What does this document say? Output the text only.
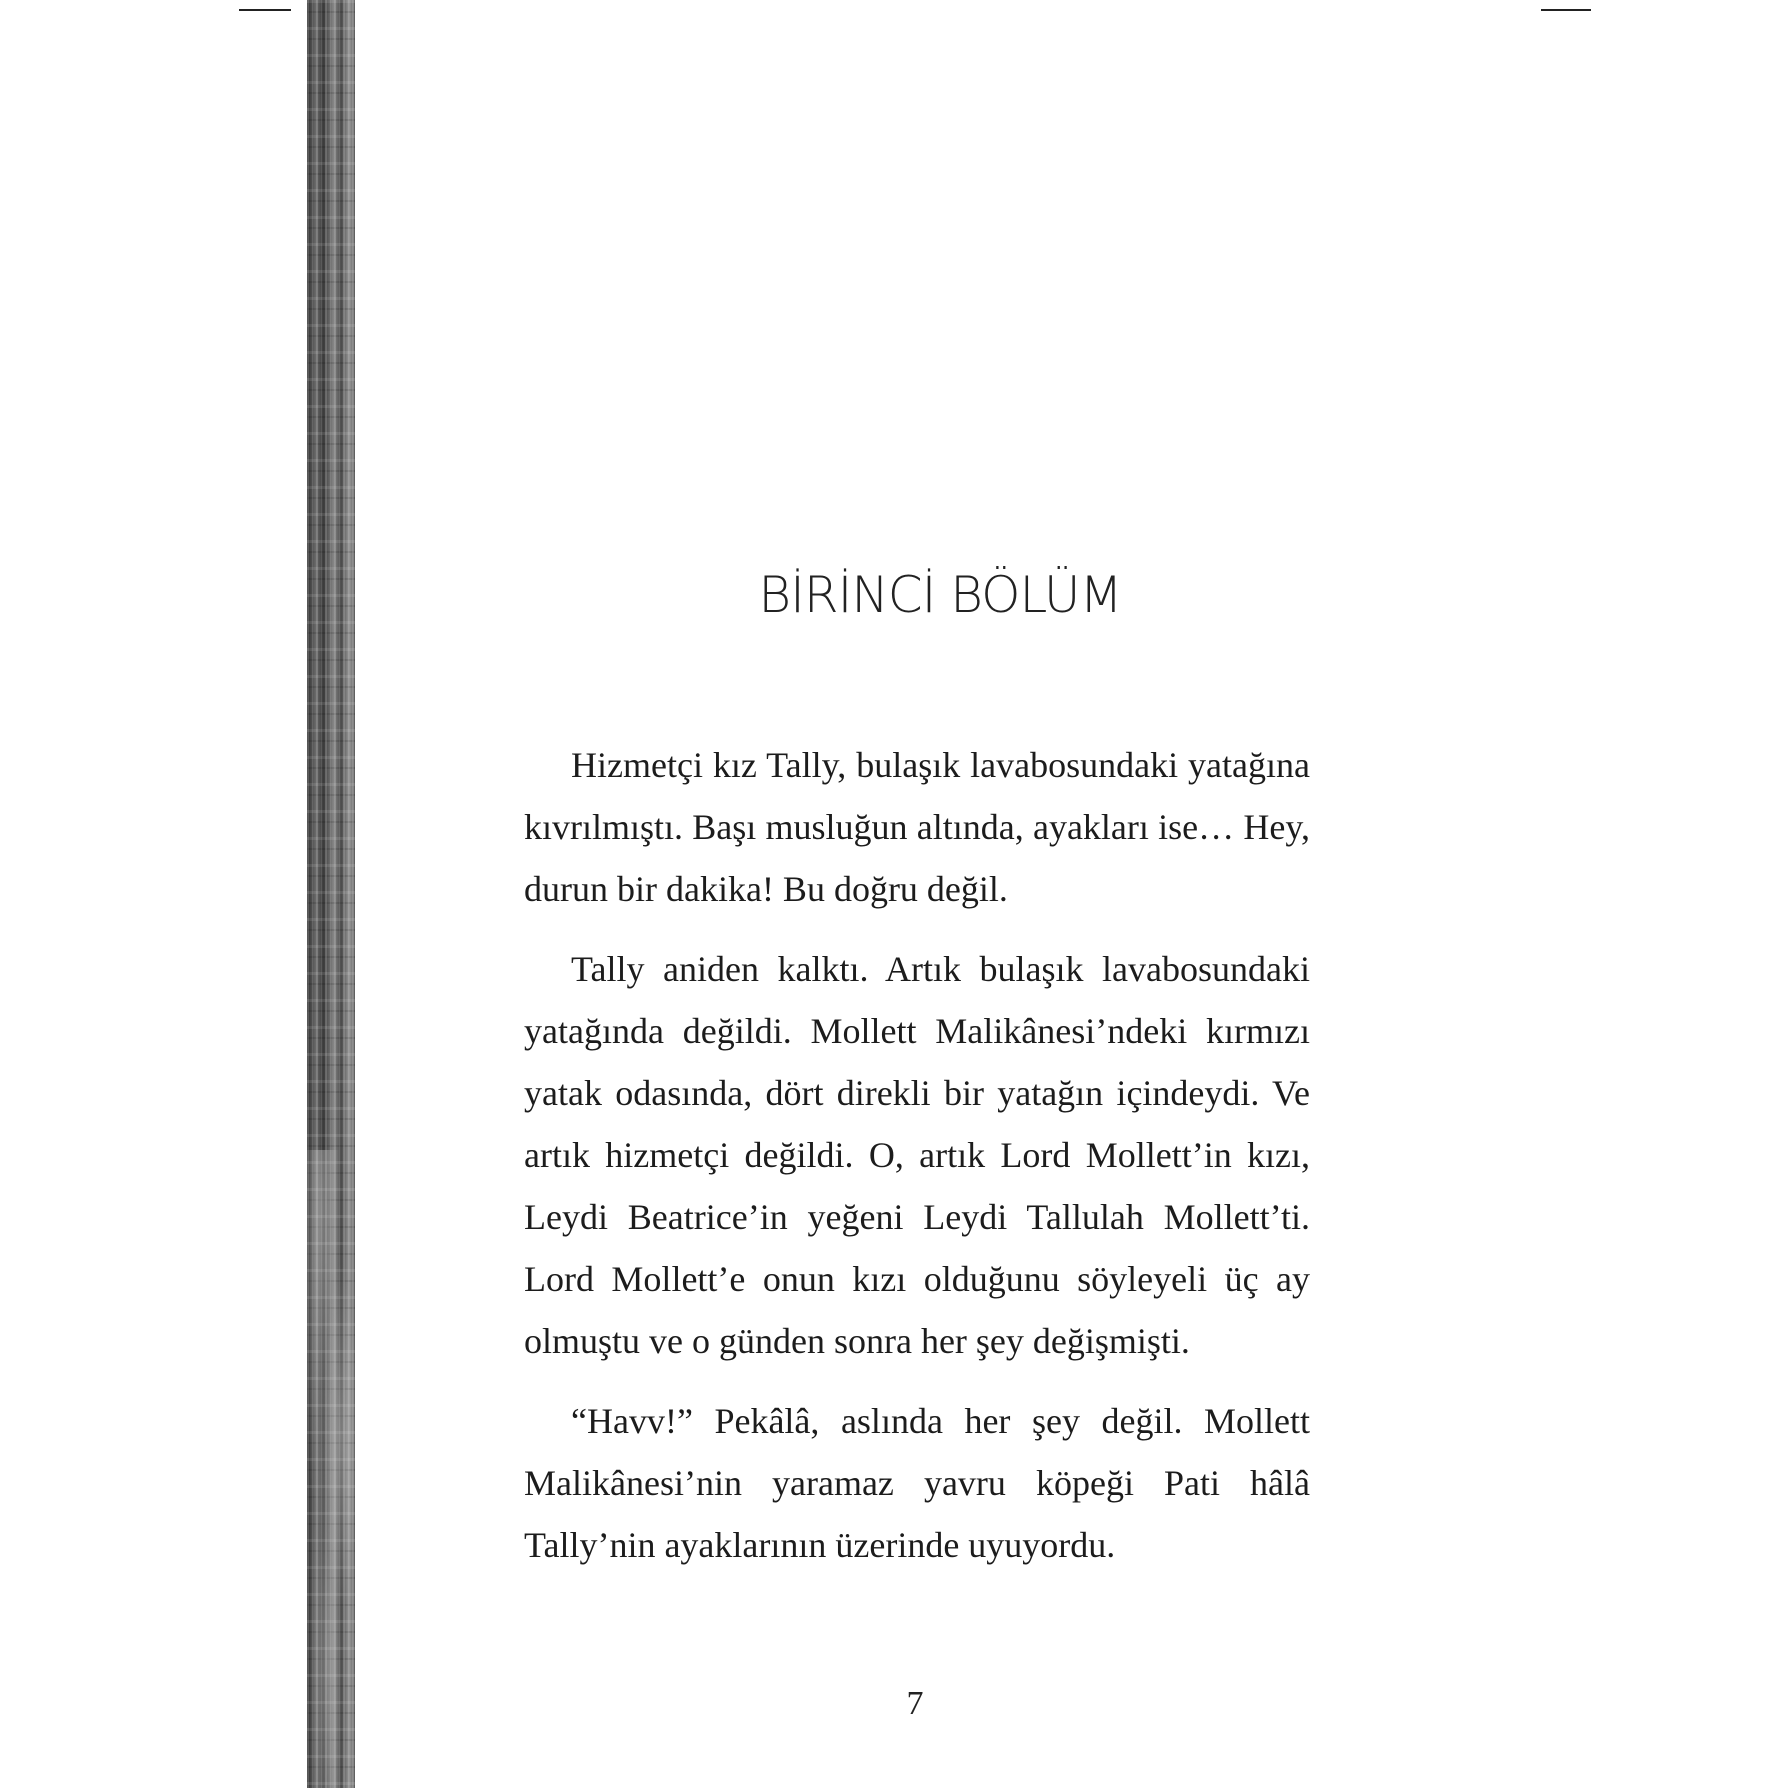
BİRİNCİ BÖLÜM

Hizmetçi kız Tally, bulaşık lavabosundaki yatağına kıvrılmıştı. Başı musluğun altında, ayakları ise… Hey, durun bir dakika! Bu doğru değil.

Tally aniden kalktı. Artık bulaşık lavabosundaki yatağında değildi. Mollett Malikânesi’ndeki kırmızı yatak odasında, dört direkli bir yatağın içindeydi. Ve artık hizmetçi değildi. O, artık Lord Mollett’in kızı, Leydi Beatrice’in yeğeni Leydi Tallulah Mollett’ti. Lord Mollett’e onun kızı olduğunu söyleyeli üç ay olmuştu ve o günden sonra her şey değişmişti.

“Havv!” Pekâlâ, aslında her şey değil. Mollett Malikânesi’nin yaramaz yavru köpeği Pati hâlâ Tally’nin ayaklarının üzerinde uyuyordu.

7
